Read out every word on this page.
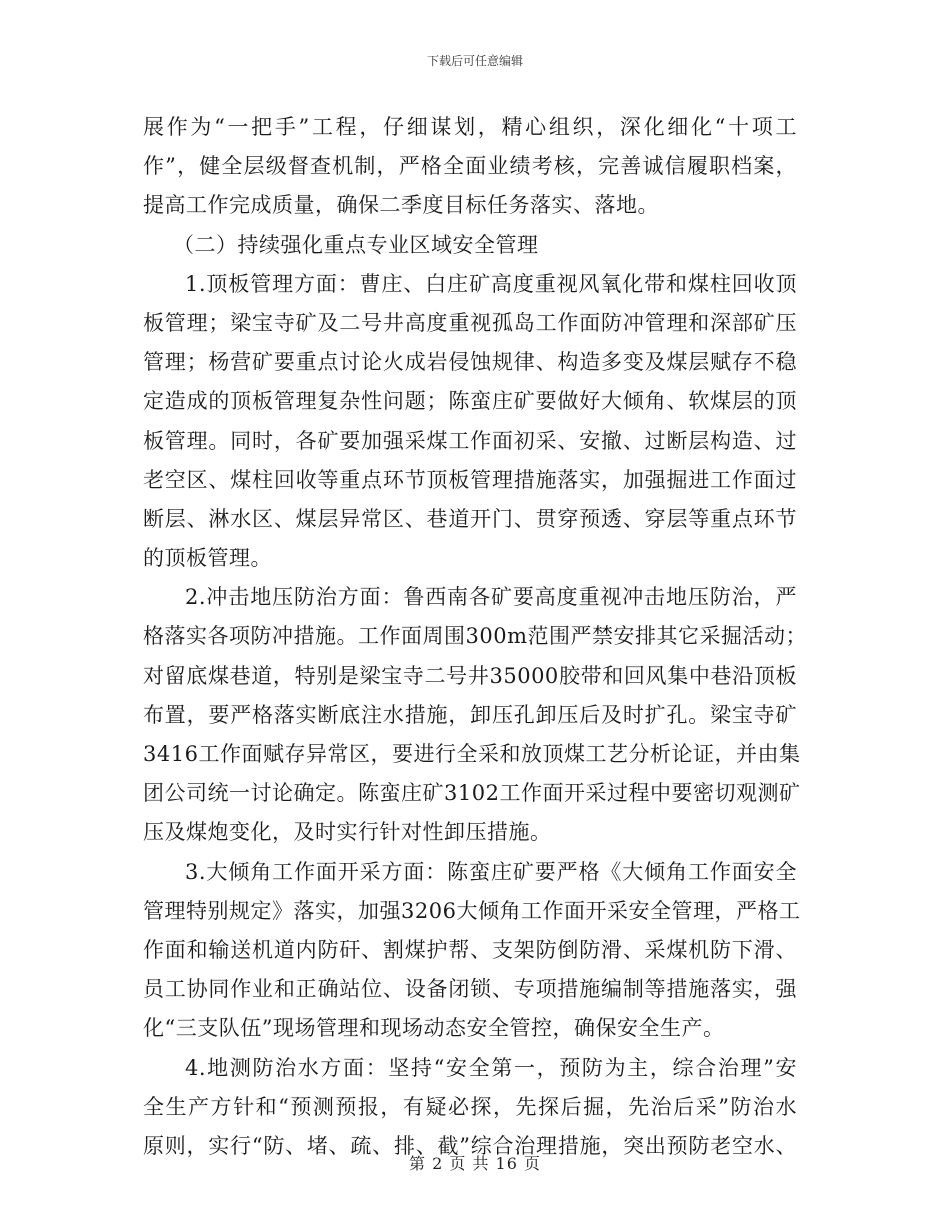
下载后可任意编辑
展作为“一把手”工程，仔细谋划，精心组织，深化细化“十项工
作”，健全层级督查机制，严格全面业绩考核，完善诚信履职档案，
提高工作完成质量，确保二季度目标任务落实、落地。
（二）持续强化重点专业区域安全管理
1.顶板管理方面：曹庄、白庄矿高度重视风氧化带和煤柱回收顶
板管理；梁宝寺矿及二号井高度重视孤岛工作面防冲管理和深部矿压
管理；杨营矿要重点讨论火成岩侵蚀规律、构造多变及煤层赋存不稳
定造成的顶板管理复杂性问题；陈蛮庄矿要做好大倾角、软煤层的顶
板管理。同时，各矿要加强采煤工作面初采、安撤、过断层构造、过
老空区、煤柱回收等重点环节顶板管理措施落实，加强掘进工作面过
断层、淋水区、煤层异常区、巷道开门、贯穿预透、穿层等重点环节
的顶板管理。
2.冲击地压防治方面：鲁西南各矿要高度重视冲击地压防治，严
格落实各项防冲措施。工作面周围300m范围严禁安排其它采掘活动；
对留底煤巷道，特别是梁宝寺二号井35000胶带和回风集中巷沿顶板
布置，要严格落实断底注水措施，卸压孔卸压后及时扩孔。梁宝寺矿
3416工作面赋存异常区，要进行全采和放顶煤工艺分析论证，并由集
团公司统一讨论确定。陈蛮庄矿3102工作面开采过程中要密切观测矿
压及煤炮变化，及时实行针对性卸压措施。
3.大倾角工作面开采方面：陈蛮庄矿要严格《大倾角工作面安全
管理特别规定》落实，加强3206大倾角工作面开采安全管理，严格工
作面和输送机道内防矸、割煤护帮、支架防倒防滑、采煤机防下滑、
员工协同作业和正确站位、设备闭锁、专项措施编制等措施落实，强
化“三支队伍”现场管理和现场动态安全管控，确保安全生产。
4.地测防治水方面：坚持“安全第一，预防为主，综合治理”安
全生产方针和“预测预报，有疑必探，先探后掘，先治后采”防治水
原则，实行“防、堵、疏、排、截”综合治理措施，突出预防老空水、
第 2 页 共 16 页
